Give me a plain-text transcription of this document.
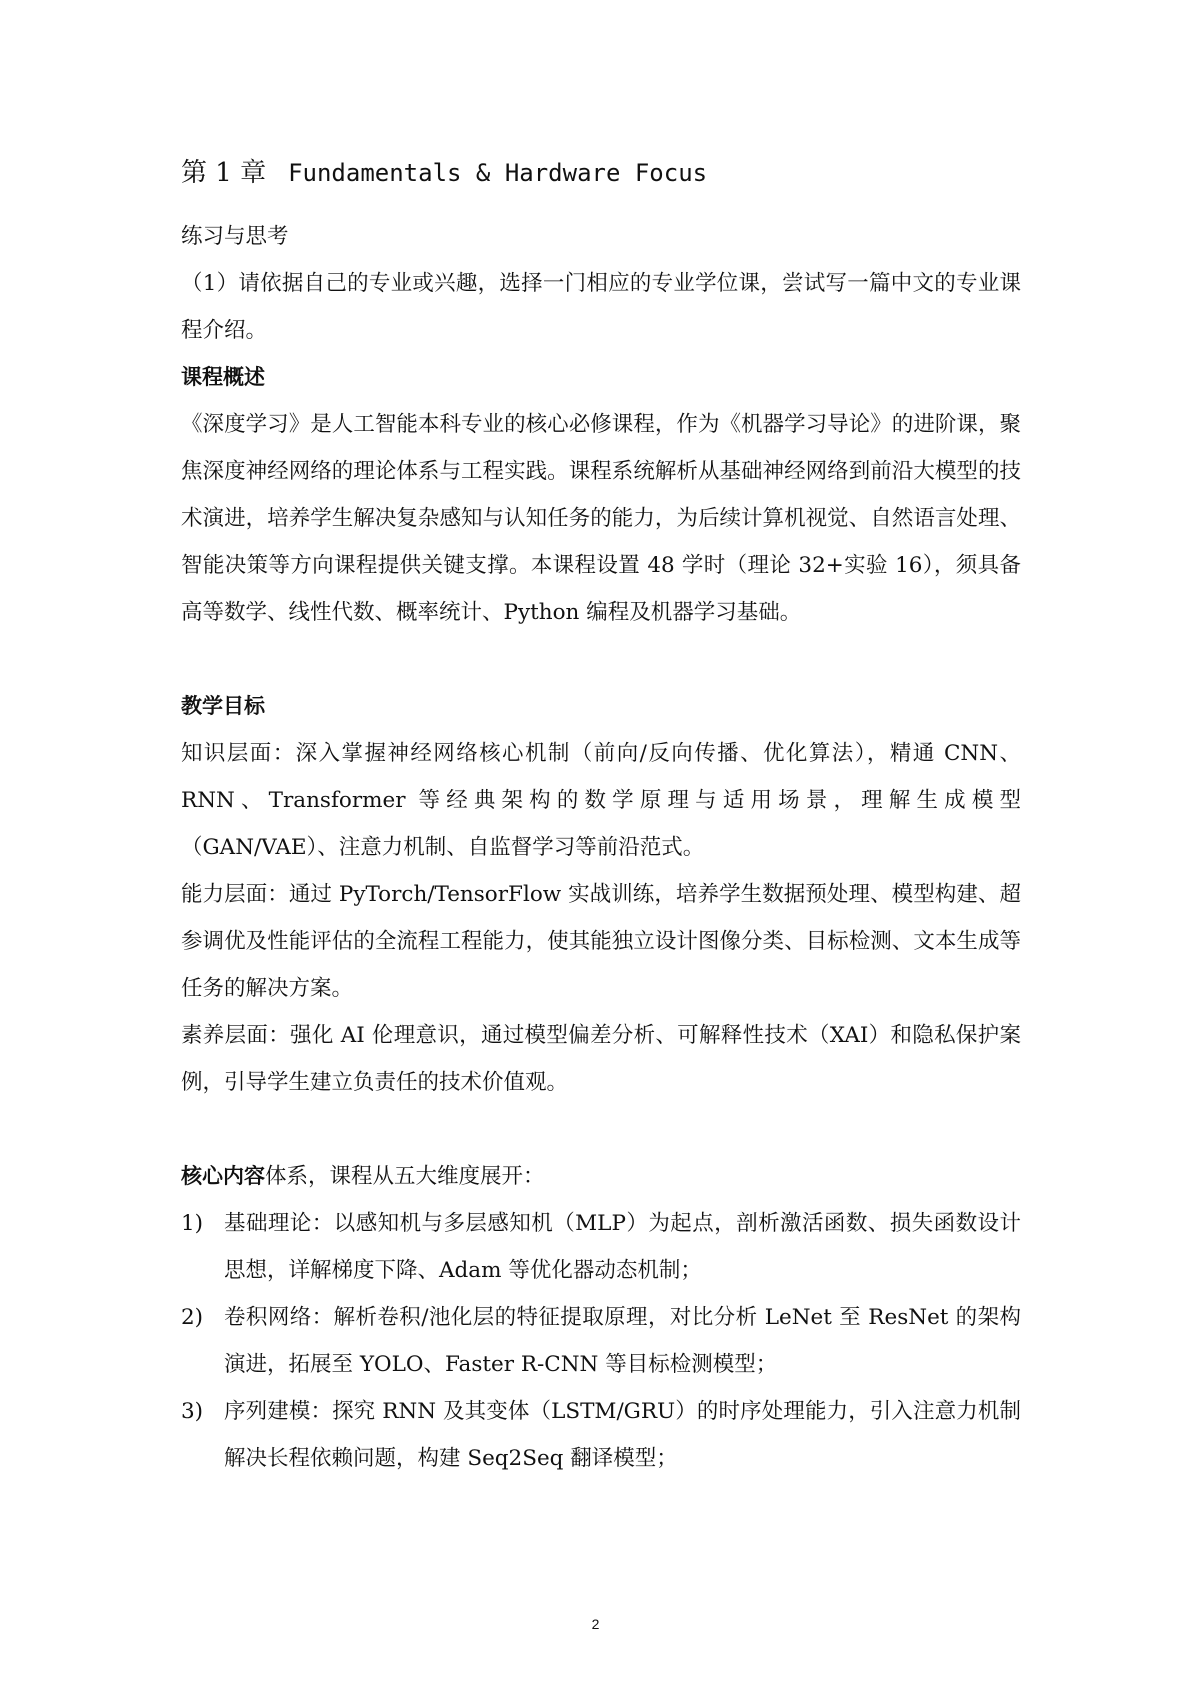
第 1 章 Fundamentals & Hardware Focus

练习与思考

（1）请依据自己的专业或兴趣，选择一门相应的专业学位课，尝试写一篇中文的专业课程介绍。

课程概述

《深度学习》是人工智能本科专业的核心必修课程，作为《机器学习导论》的进阶课，聚焦深度神经网络的理论体系与工程实践。课程系统解析从基础神经网络到前沿大模型的技术演进，培养学生解决复杂感知与认知任务的能力，为后续计算机视觉、自然语言处理、智能决策等方向课程提供关键支撑。本课程设置 48 学时（理论 32+实验 16），须具备高等数学、线性代数、概率统计、Python 编程及机器学习基础。

教学目标

知识层面：深入掌握神经网络核心机制（前向/反向传播、优化算法），精通 CNN、RNN、Transformer 等经典架构的数学原理与适用场景，理解生成模型（GAN/VAE）、注意力机制、自监督学习等前沿范式。

能力层面：通过 PyTorch/TensorFlow 实战训练，培养学生数据预处理、模型构建、超参调优及性能评估的全流程工程能力，使其能独立设计图像分类、目标检测、文本生成等任务的解决方案。

素养层面：强化 AI 伦理意识，通过模型偏差分析、可解释性技术（XAI）和隐私保护案例，引导学生建立负责任的技术价值观。

核心内容体系，课程从五大维度展开：

1) 基础理论：以感知机与多层感知机（MLP）为起点，剖析激活函数、损失函数设计思想，详解梯度下降、Adam 等优化器动态机制；
2) 卷积网络：解析卷积/池化层的特征提取原理，对比分析 LeNet 至 ResNet 的架构演进，拓展至 YOLO、Faster R-CNN 等目标检测模型；
3) 序列建模：探究 RNN 及其变体（LSTM/GRU）的时序处理能力，引入注意力机制解决长程依赖问题，构建 Seq2Seq 翻译模型；
2
